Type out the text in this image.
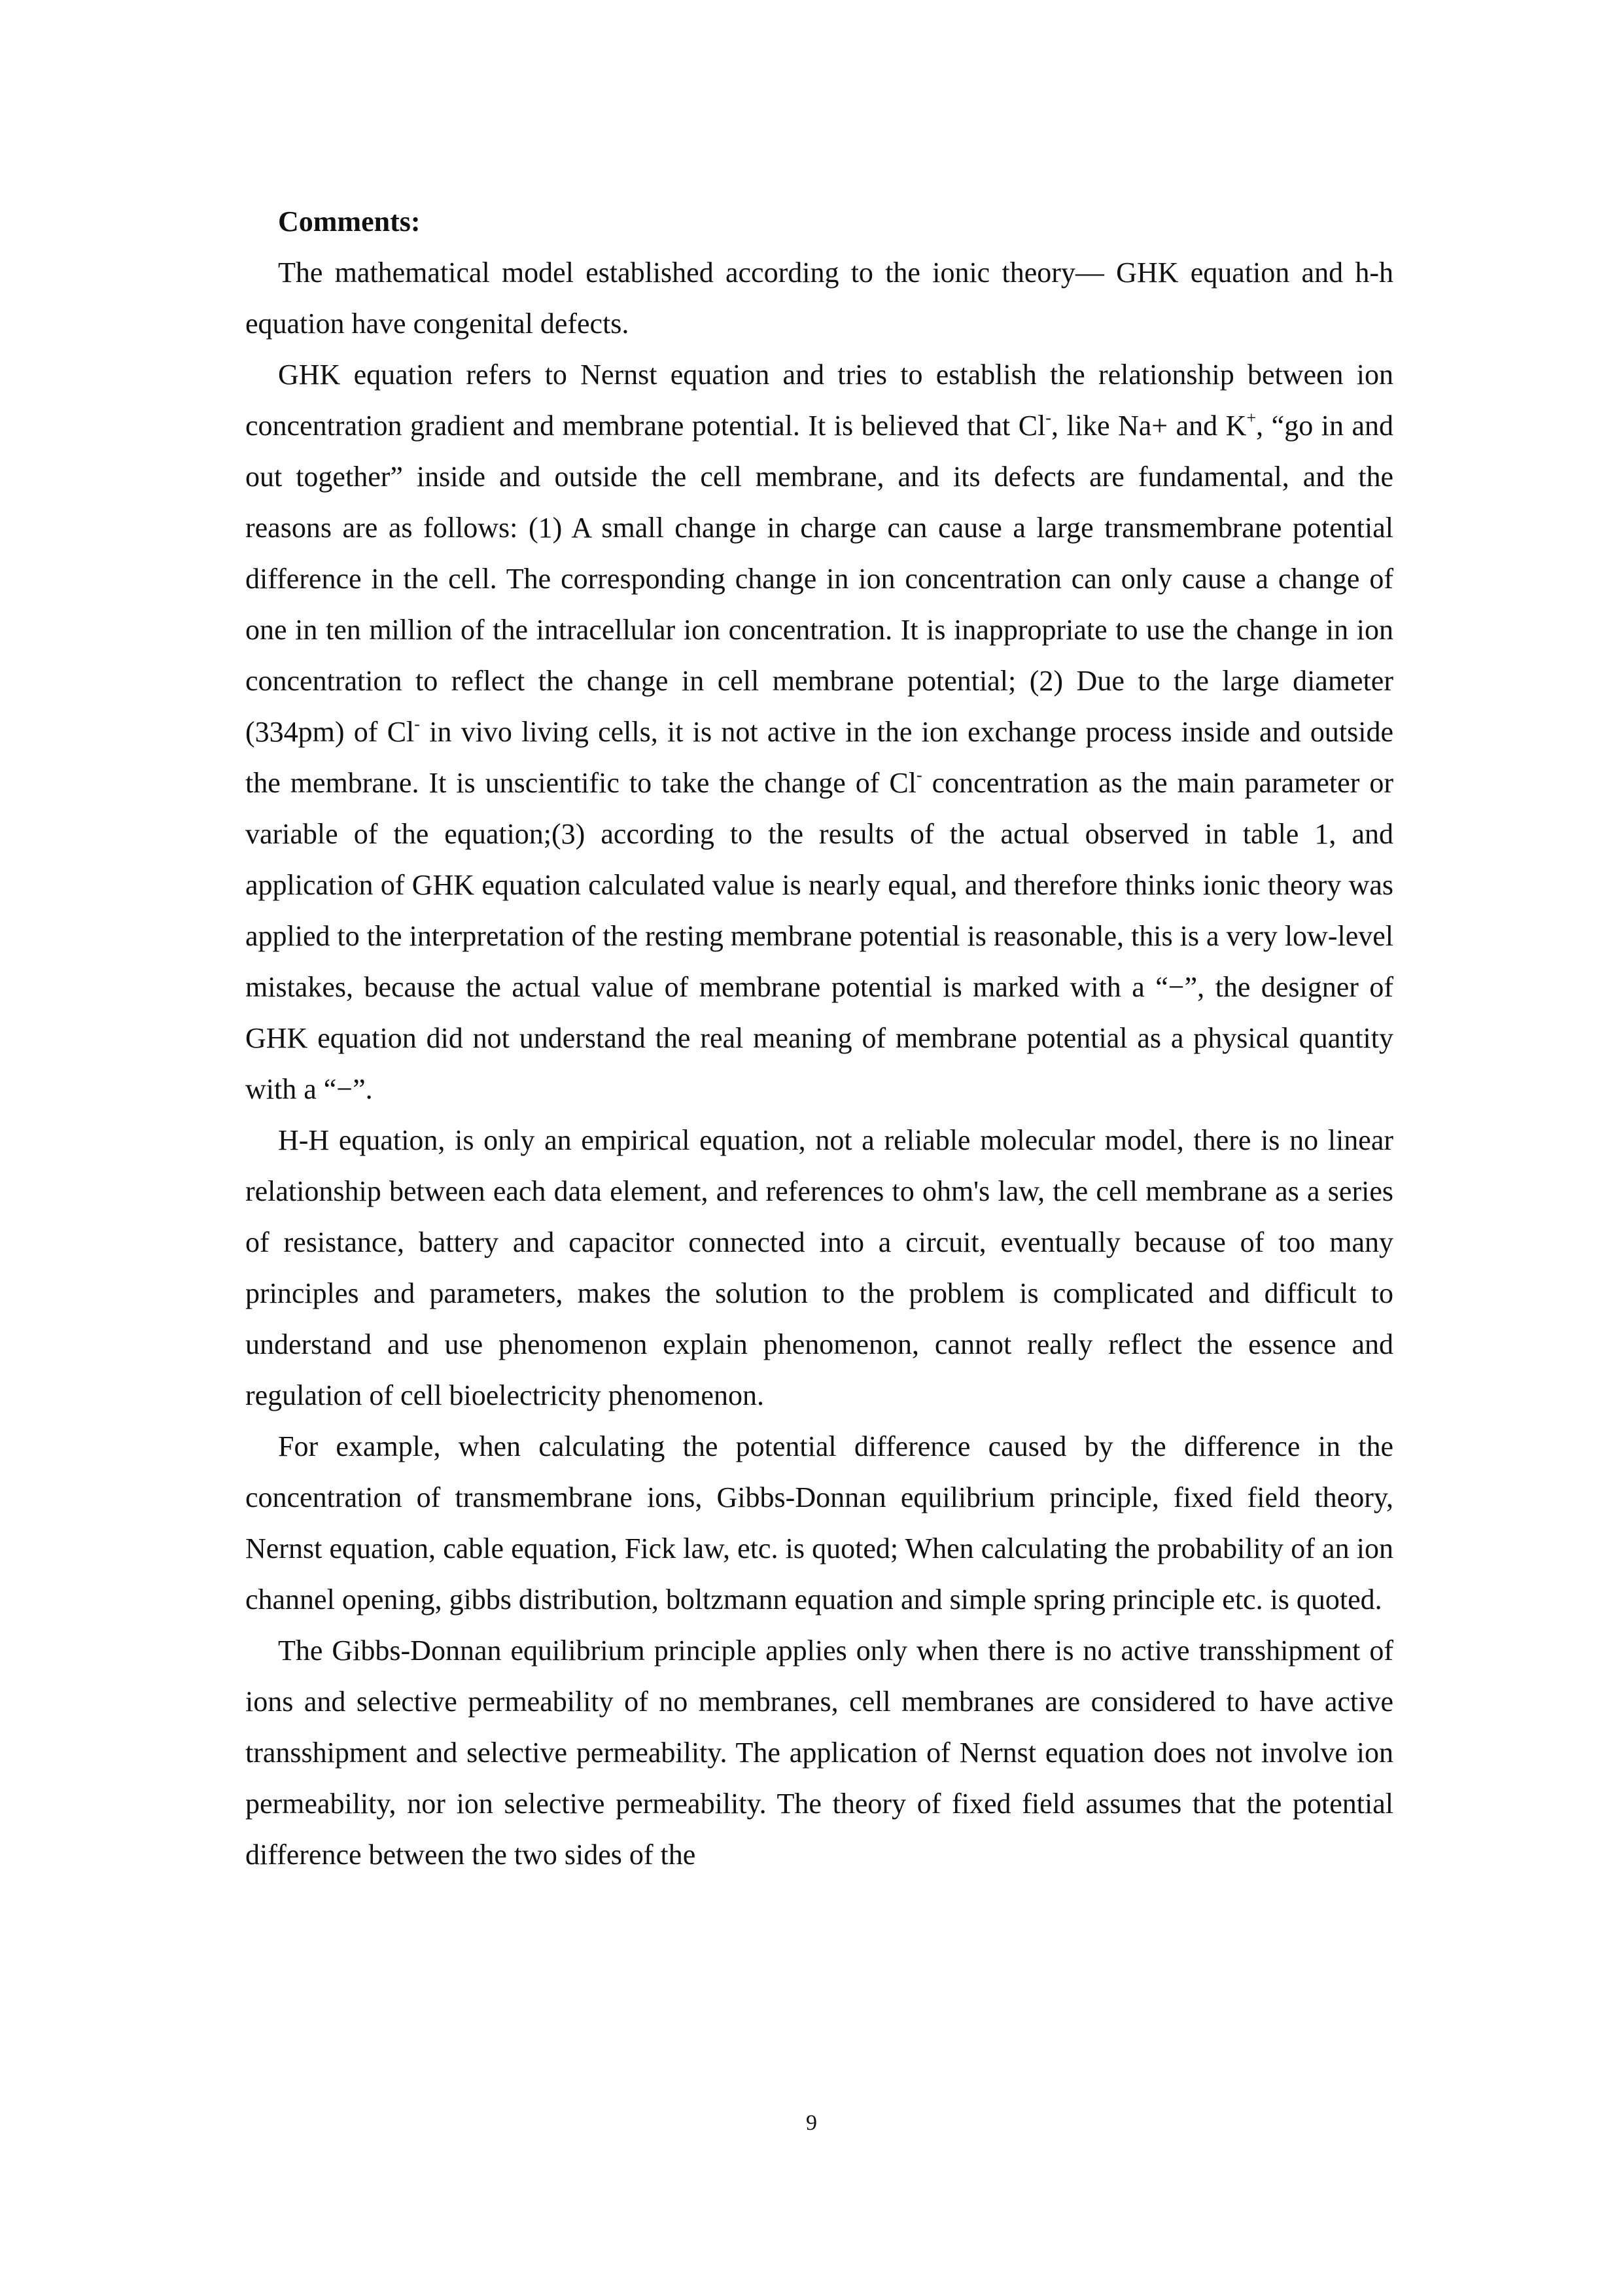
Comments:

The mathematical model established according to the ionic theory— GHK equation and h-h equation have congenital defects.

GHK equation refers to Nernst equation and tries to establish the relationship between ion concentration gradient and membrane potential. It is believed that Cl-, like Na+ and K+, “go in and out together” inside and outside the cell membrane, and its defects are fundamental, and the reasons are as follows: (1) A small change in charge can cause a large transmembrane potential difference in the cell. The corresponding change in ion concentration can only cause a change of one in ten million of the intracellular ion concentration. It is inappropriate to use the change in ion concentration to reflect the change in cell membrane potential; (2) Due to the large diameter (334pm) of Cl- in vivo living cells, it is not active in the ion exchange process inside and outside the membrane. It is unscientific to take the change of Cl- concentration as the main parameter or variable of the equation;(3) according to the results of the actual observed in table 1, and application of GHK equation calculated value is nearly equal, and therefore thinks ionic theory was applied to the interpretation of the resting membrane potential is reasonable, this is a very low-level mistakes, because the actual value of membrane potential is marked with a “−”, the designer of GHK equation did not understand the real meaning of membrane potential as a physical quantity with a “−”.

H-H equation, is only an empirical equation, not a reliable molecular model, there is no linear relationship between each data element, and references to ohm's law, the cell membrane as a series of resistance, battery and capacitor connected into a circuit, eventually because of too many principles and parameters, makes the solution to the problem is complicated and difficult to understand and use phenomenon explain phenomenon, cannot really reflect the essence and regulation of cell bioelectricity phenomenon.

For example, when calculating the potential difference caused by the difference in the concentration of transmembrane ions, Gibbs-Donnan equilibrium principle, fixed field theory, Nernst equation, cable equation, Fick law, etc. is quoted; When calculating the probability of an ion channel opening, gibbs distribution, boltzmann equation and simple spring principle etc. is quoted.

The Gibbs-Donnan equilibrium principle applies only when there is no active transshipment of ions and selective permeability of no membranes, cell membranes are considered to have active transshipment and selective permeability. The application of Nernst equation does not involve ion permeability, nor ion selective permeability. The theory of fixed field assumes that the potential difference between the two sides of the

9
